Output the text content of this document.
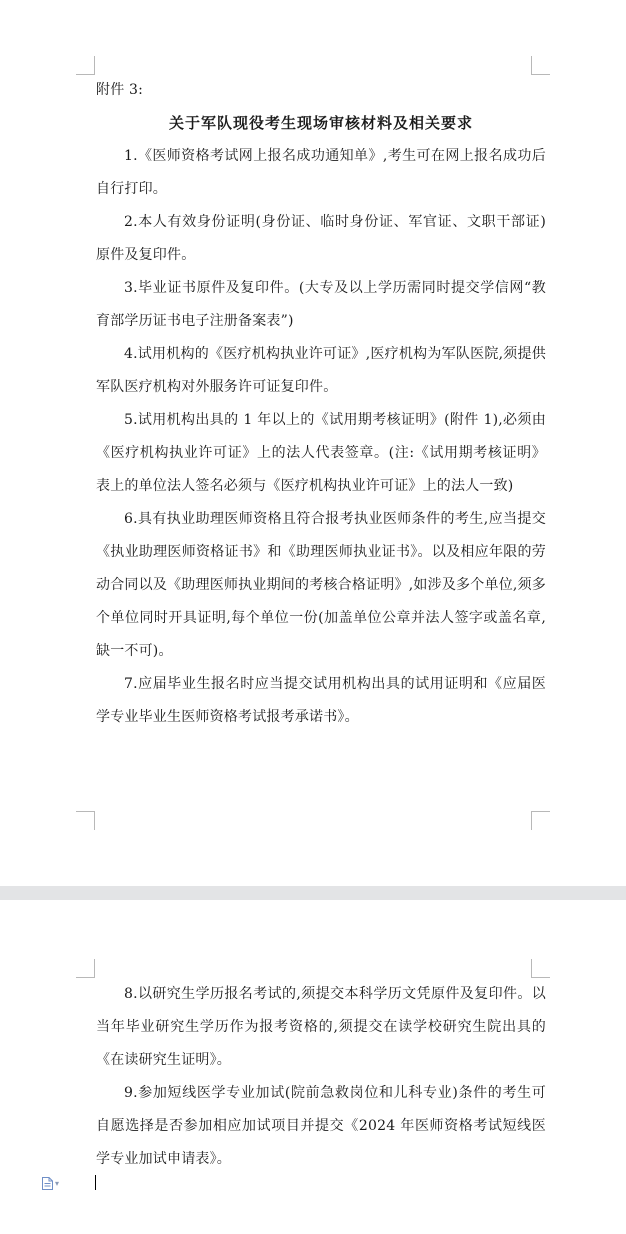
附件 3:

关于军队现役考生现场审核材料及相关要求

1.《医师资格考试网上报名成功通知单》,考生可在网上报名成功后自行打印。

2.本人有效身份证明(身份证、临时身份证、军官证、文职干部证)原件及复印件。

3.毕业证书原件及复印件。(大专及以上学历需同时提交学信网“教育部学历证书电子注册备案表”)

4.试用机构的《医疗机构执业许可证》,医疗机构为军队医院,须提供军队医疗机构对外服务许可证复印件。

5.试用机构出具的 1 年以上的《试用期考核证明》(附件 1),必须由《医疗机构执业许可证》上的法人代表签章。(注:《试用期考核证明》表上的单位法人签名必须与《医疗机构执业许可证》上的法人一致)

6.具有执业助理医师资格且符合报考执业医师条件的考生,应当提交《执业助理医师资格证书》和《助理医师执业证书》。以及相应年限的劳动合同以及《助理医师执业期间的考核合格证明》,如涉及多个单位,须多个单位同时开具证明,每个单位一份(加盖单位公章并法人签字或盖名章,缺一不可)。

7.应届毕业生报名时应当提交试用机构出具的试用证明和《应届医学专业毕业生医师资格考试报考承诺书》。

8.以研究生学历报名考试的,须提交本科学历文凭原件及复印件。以当年毕业研究生学历作为报考资格的,须提交在读学校研究生院出具的《在读研究生证明》。

9.参加短线医学专业加试(院前急救岗位和儿科专业)条件的考生可自愿选择是否参加相应加试项目并提交《2024 年医师资格考试短线医学专业加试申请表》。

▾
